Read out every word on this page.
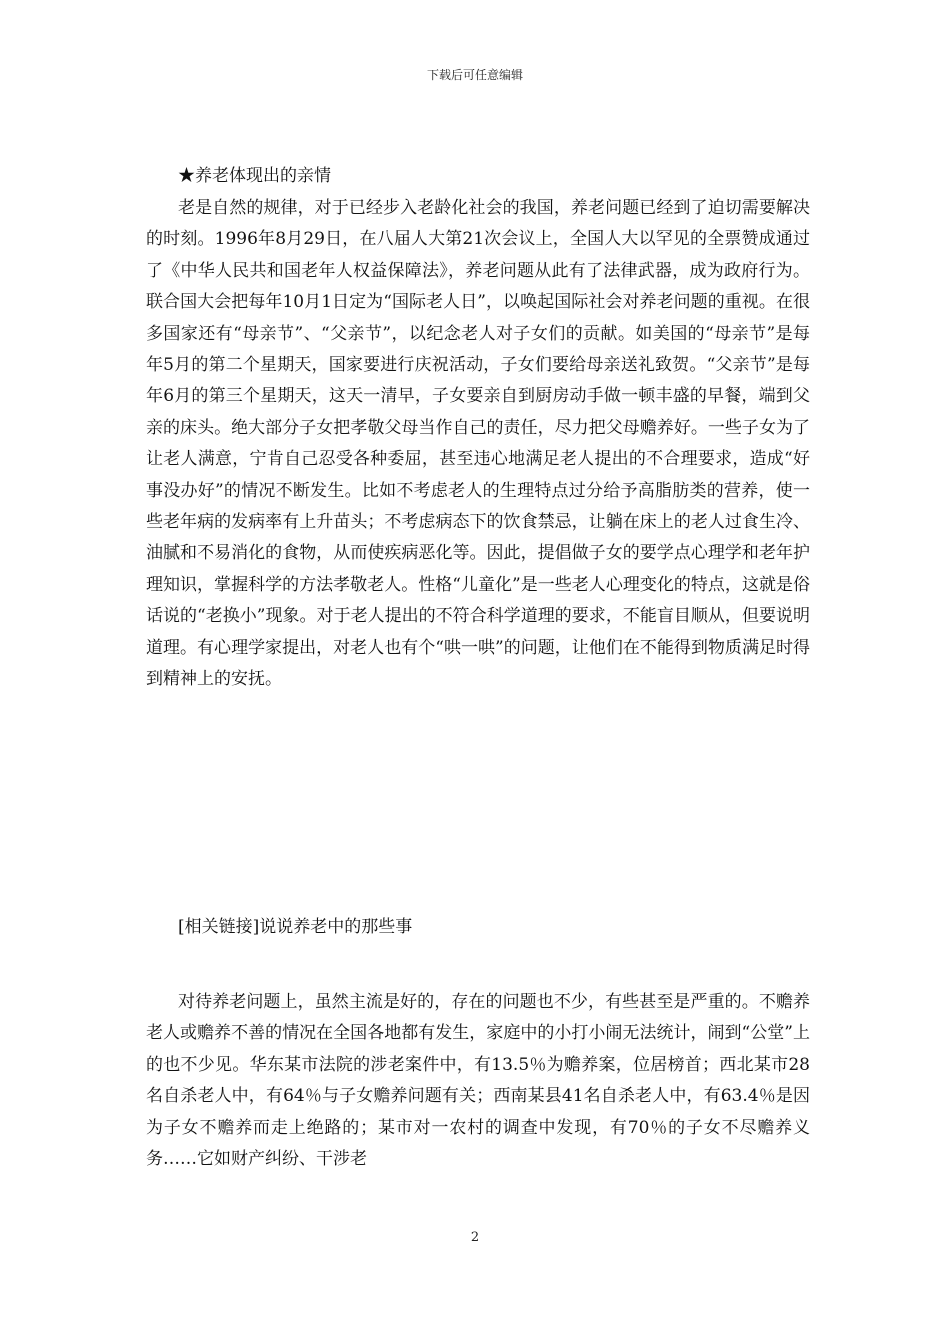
下载后可任意编辑
★养老体现出的亲情

老是自然的规律，对于已经步入老龄化社会的我国，养老问题已经到了迫切需要解决的时刻。1996年8月29日，在八届人大第21次会议上，全国人大以罕见的全票赞成通过了《中华人民共和国老年人权益保障法》，养老问题从此有了法律武器，成为政府行为。联合国大会把每年10月1日定为“国际老人日”，以唤起国际社会对养老问题的重视。在很多国家还有“母亲节”、“父亲节”，以纪念老人对子女们的贡献。如美国的“母亲节”是每年5月的第二个星期天，国家要进行庆祝活动，子女们要给母亲送礼致贺。“父亲节”是每年6月的第三个星期天，这天一清早，子女要亲自到厨房动手做一顿丰盛的早餐，端到父亲的床头。绝大部分子女把孝敬父母当作自己的责任，尽力把父母赡养好。一些子女为了让老人满意，宁肯自己忍受各种委屈，甚至违心地满足老人提出的不合理要求，造成“好事没办好”的情况不断发生。比如不考虑老人的生理特点过分给予高脂肪类的营养，使一些老年病的发病率有上升苗头；不考虑病态下的饮食禁忌，让躺在床上的老人过食生冷、油腻和不易消化的食物，从而使疾病恶化等。因此，提倡做子女的要学点心理学和老年护理知识，掌握科学的方法孝敬老人。性格“儿童化”是一些老人心理变化的特点，这就是俗话说的“老换小”现象。对于老人提出的不符合科学道理的要求，不能盲目顺从，但要说明道理。有心理学家提出，对老人也有个“哄一哄”的问题，让他们在不能得到物质满足时得到精神上的安抚。

[相关链接]说说养老中的那些事

对待养老问题上，虽然主流是好的，存在的问题也不少，有些甚至是严重的。不赡养老人或赡养不善的情况在全国各地都有发生，家庭中的小打小闹无法统计，闹到“公堂”上的也不少见。华东某市法院的涉老案件中，有13.5％为赡养案，位居榜首；西北某市28名自杀老人中，有64％与子女赡养问题有关；西南某县41名自杀老人中，有63.4％是因为子女不赡养而走上绝路的；某市对一农村的调查中发现，有70％的子女不尽赡养义务……它如财产纠纷、干涉老

2
